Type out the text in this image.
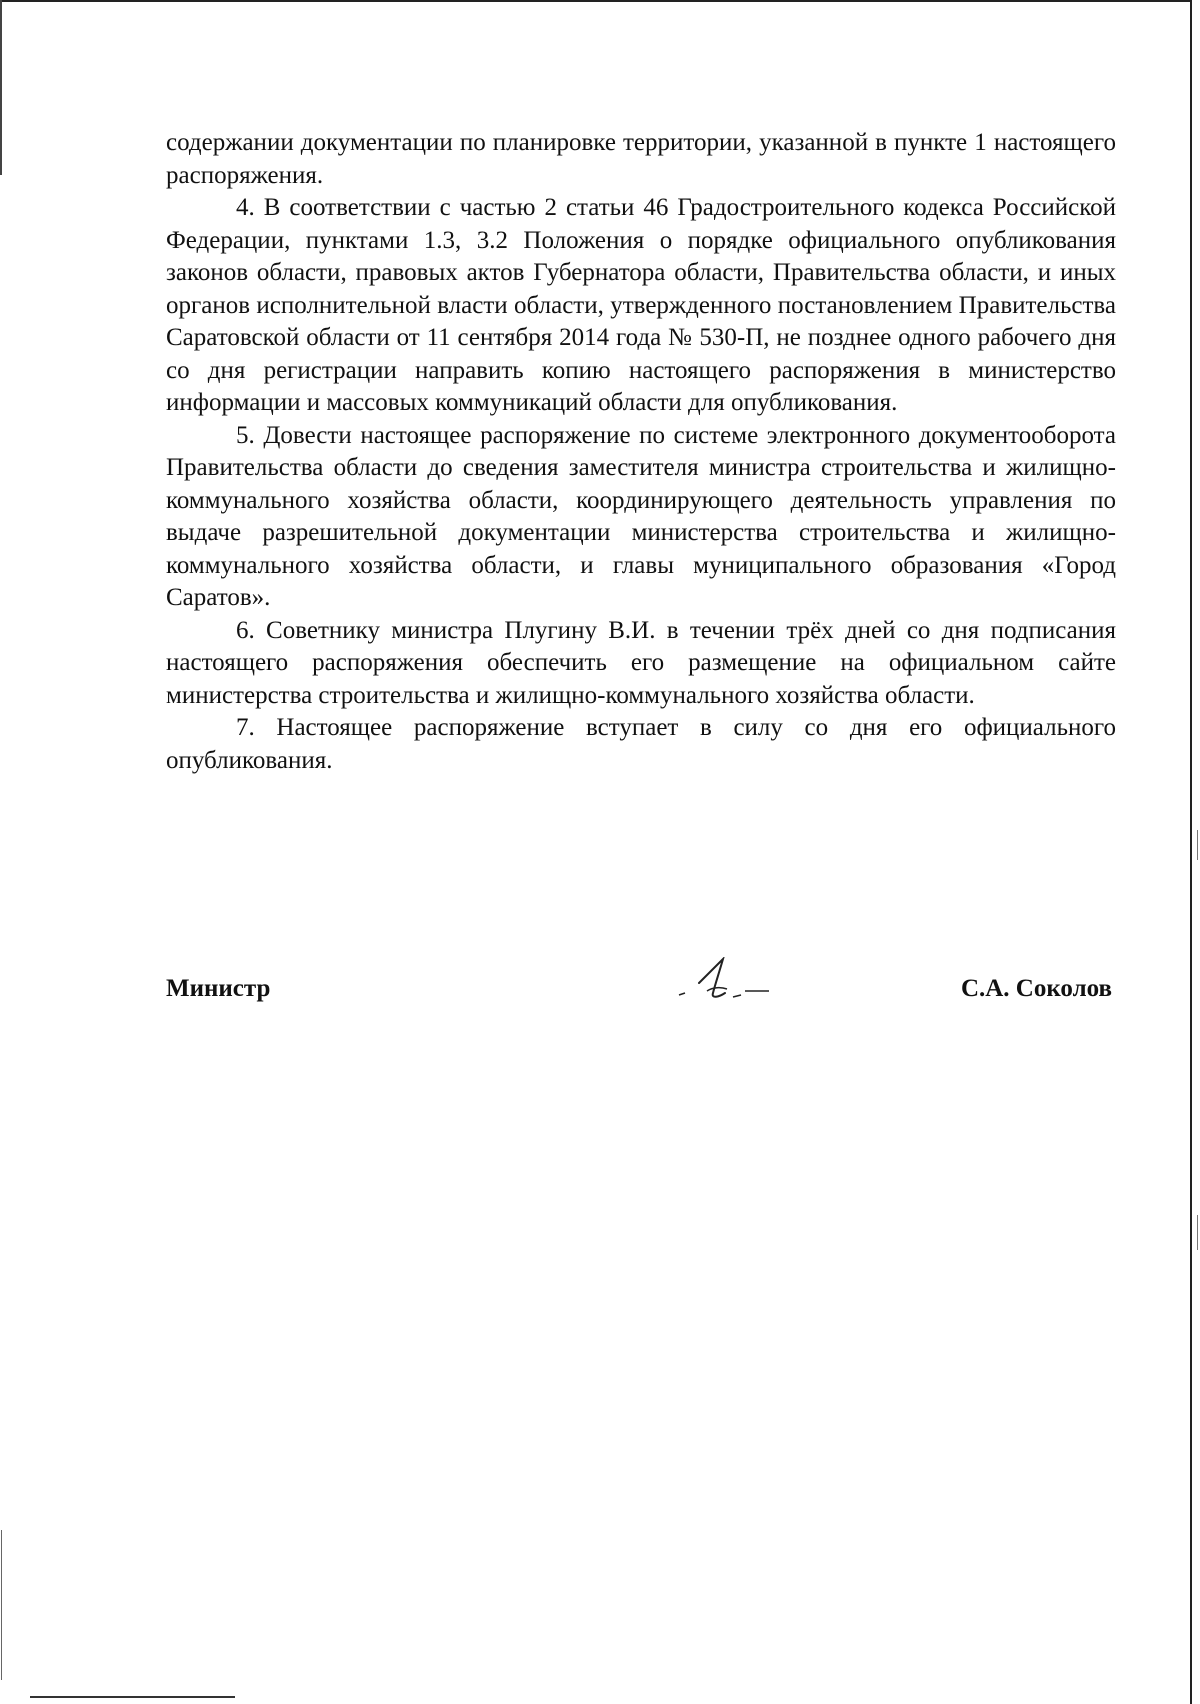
содержании документации по планировке территории, указанной в пункте 1 настоящего распоряжения.

4. В соответствии с частью 2 статьи 46 Градостроительного кодекса Российской Федерации, пунктами 1.3, 3.2 Положения о порядке официального опубликования законов области, правовых актов Губернатора области, Правительства области, и иных органов исполнительной власти области, утвержденного постановлением Правительства Саратовской области от 11 сентября 2014 года № 530-П, не позднее одного рабочего дня со дня регистрации направить копию настоящего распоряжения в министерство информации и массовых коммуникаций области для опубликования.

5. Довести настоящее распоряжение по системе электронного документооборота Правительства области до сведения заместителя министра строительства и жилищно-коммунального хозяйства области, координирующего деятельность управления по выдаче разрешительной документации министерства строительства и жилищно-коммунального хозяйства области, и главы муниципального образования «Город Саратов».

6. Советнику министра Плугину В.И. в течении трёх дней со дня подписания настоящего распоряжения обеспечить его размещение на официальном сайте министерства строительства и жилищно-коммунального хозяйства области.

7. Настоящее распоряжение вступает в силу со дня его официального опубликования.

Министр	С.А. Соколов
